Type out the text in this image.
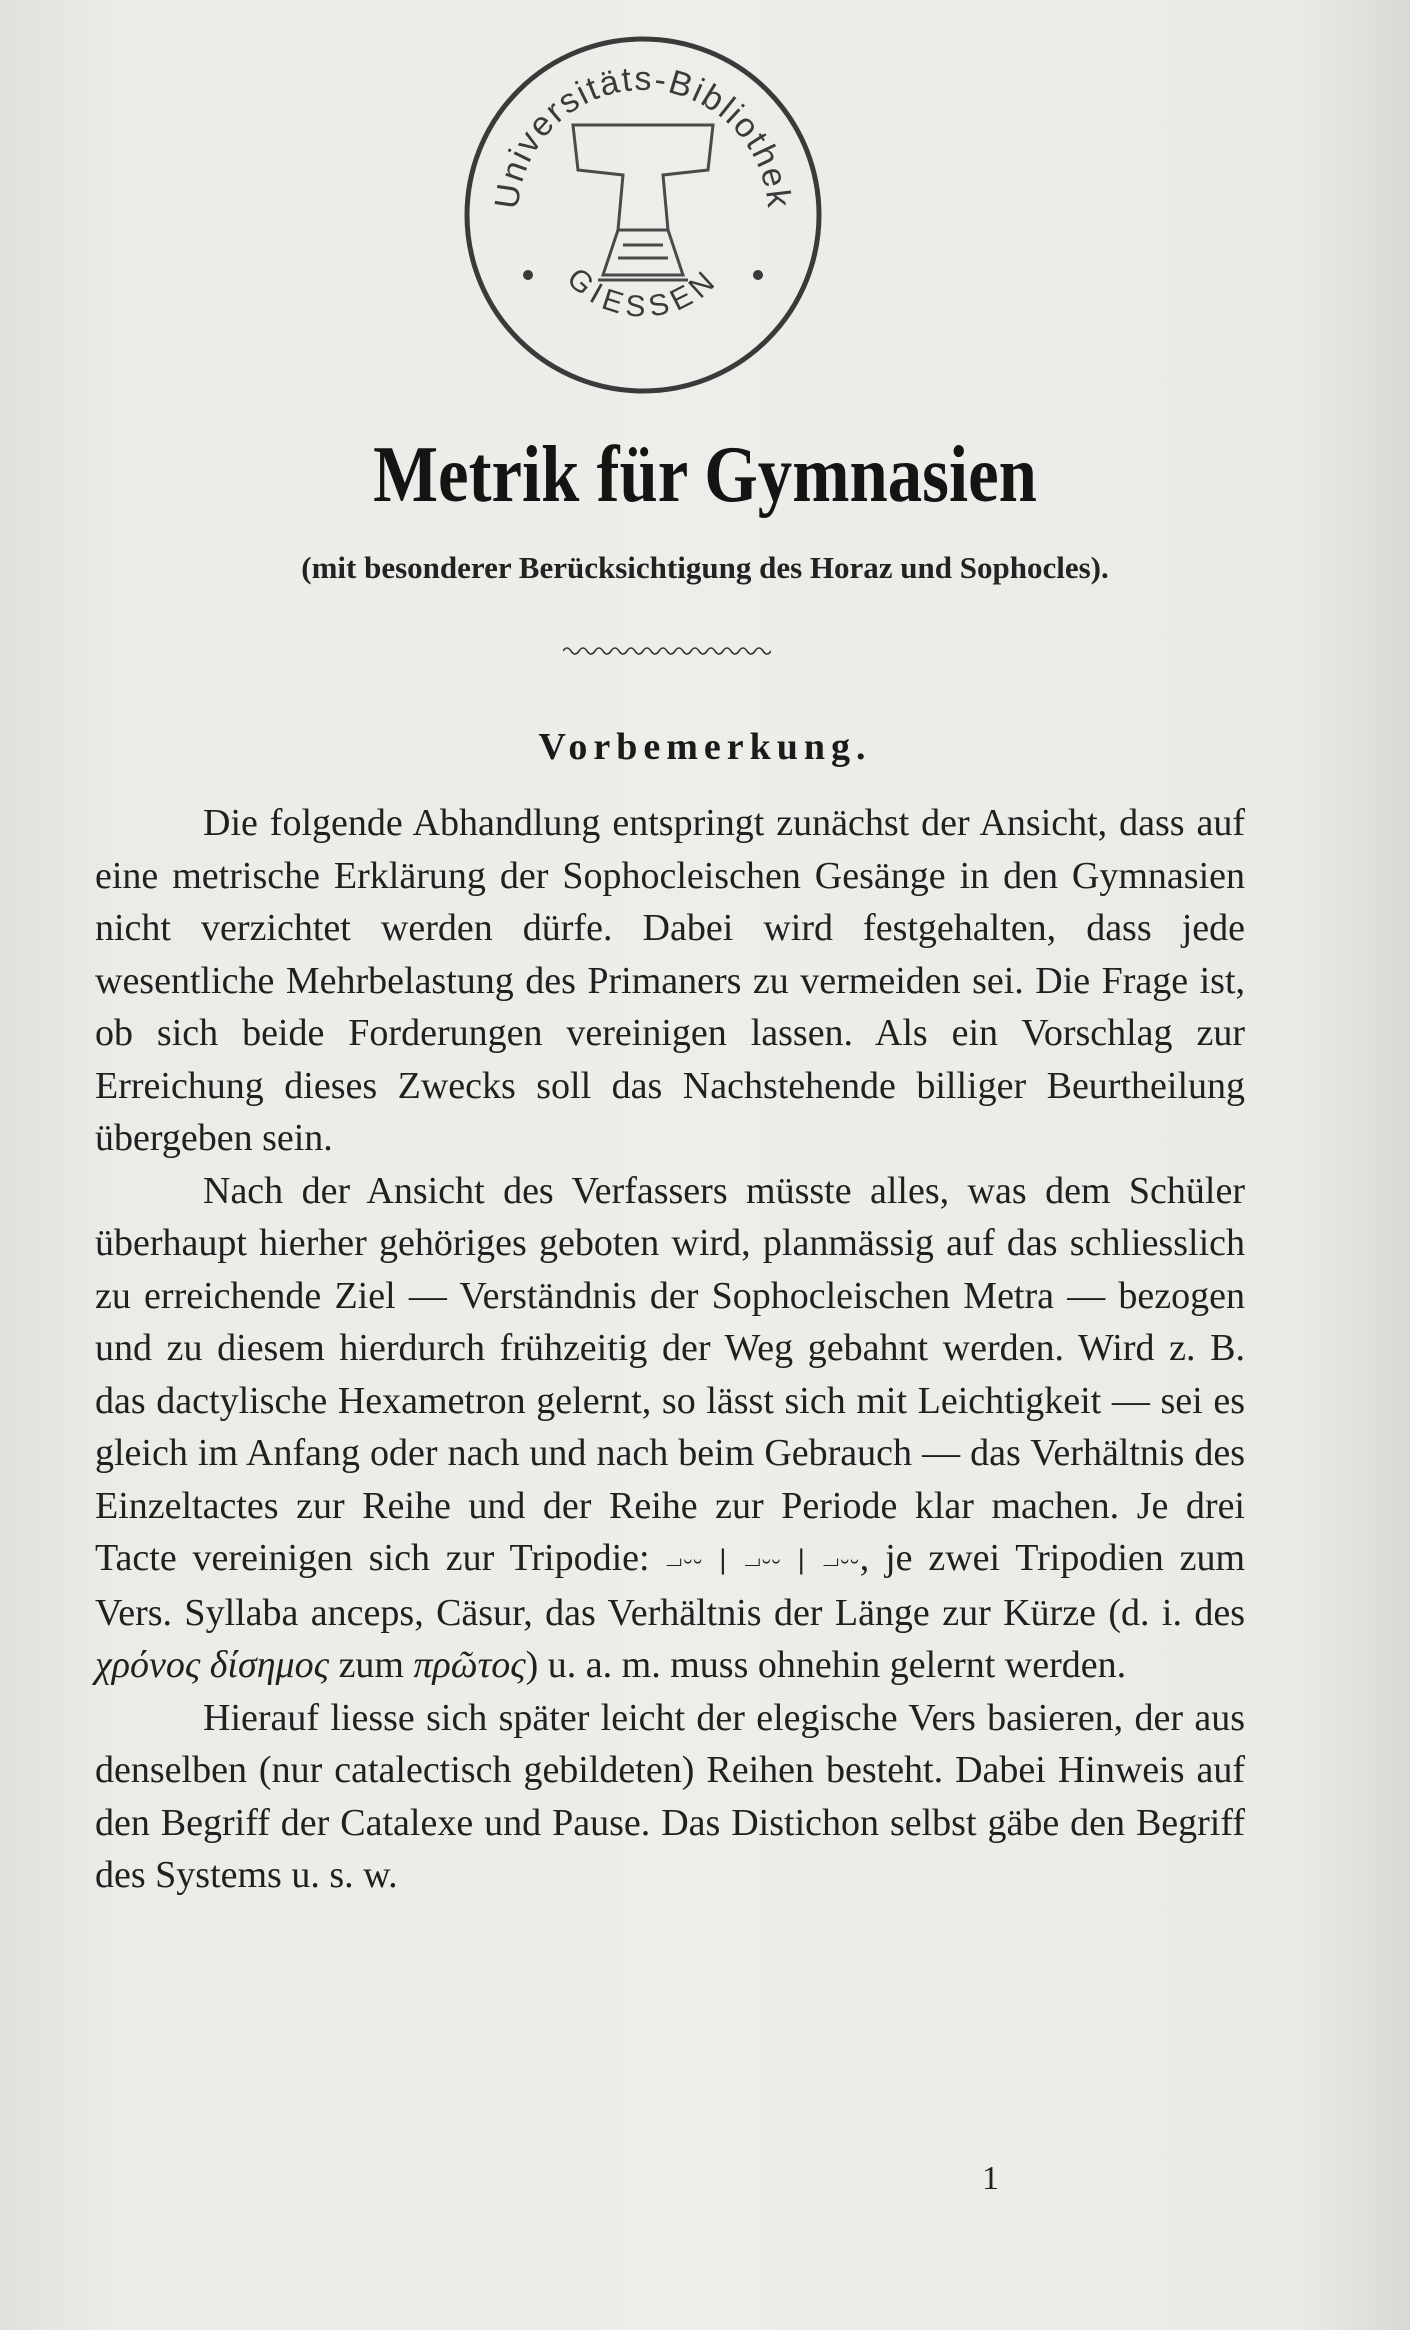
Universitäts-Bibliothek
GIESSEN
Metrik für Gymnasien
(mit besonderer Berücksichtigung des Horaz und Sophocles).
Vorbemerkung.

Die folgende Abhandlung entspringt zunächst der Ansicht, dass auf eine metrische Erklärung der Sophocleischen Gesänge in den Gymnasien nicht verzichtet werden dürfe. Dabei wird festgehalten, dass jede wesentliche Mehrbelastung des Primaners zu vermeiden sei. Die Frage ist, ob sich beide Forderungen vereinigen lassen. Als ein Vorschlag zur Erreichung dieses Zwecks soll das Nachstehende billiger Beurtheilung übergeben sein.

Nach der Ansicht des Verfassers müsste alles, was dem Schüler überhaupt hierher gehöriges geboten wird, planmässig auf das schliesslich zu erreichende Ziel — Verständnis der Sophocleischen Metra — bezogen und zu diesem hierdurch frühzeitig der Weg gebahnt werden. Wird z. B. das dactylische Hexametron gelernt, so lässt sich mit Leichtigkeit — sei es gleich im Anfang oder nach und nach beim Gebrauch — das Verhältnis des Einzeltactes zur Reihe und der Reihe zur Periode klar machen. Je drei Tacte vereinigen sich zur Tripodie: ⏗⏑⏑ | ⏗⏑⏑ | ⏗⏑⏑, je zwei Tripodien zum Vers. Syllaba anceps, Cäsur, das Verhältnis der Länge zur Kürze (d. i. des χρόνος δίσημος zum πρῶτος) u. a. m. muss ohnehin gelernt werden.

Hierauf liesse sich später leicht der elegische Vers basieren, der aus denselben (nur catalectisch gebildeten) Reihen besteht. Dabei Hinweis auf den Begriff der Catalexe und Pause. Das Distichon selbst gäbe den Begriff des Systems u. s. w.

1
